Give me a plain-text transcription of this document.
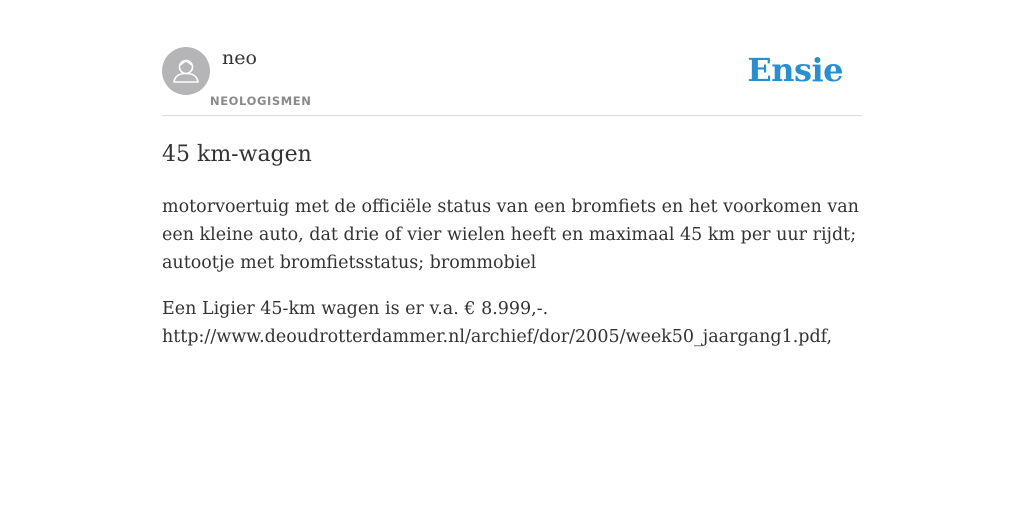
neo
NEOLOGISMEN
Ensie
45 km-wagen

motorvoertuig met de officiële status van een bromfiets en het voorkomen van een kleine auto, dat drie of vier wielen heeft en maximaal 45 km per uur rijdt; autootje met bromfietsstatus; brommobiel

Een Ligier 45-km wagen is er v.a. € 8.999,-.
http://www.deoudrotterdammer.nl/archief/dor/2005/week50_jaargang1.pdf,
